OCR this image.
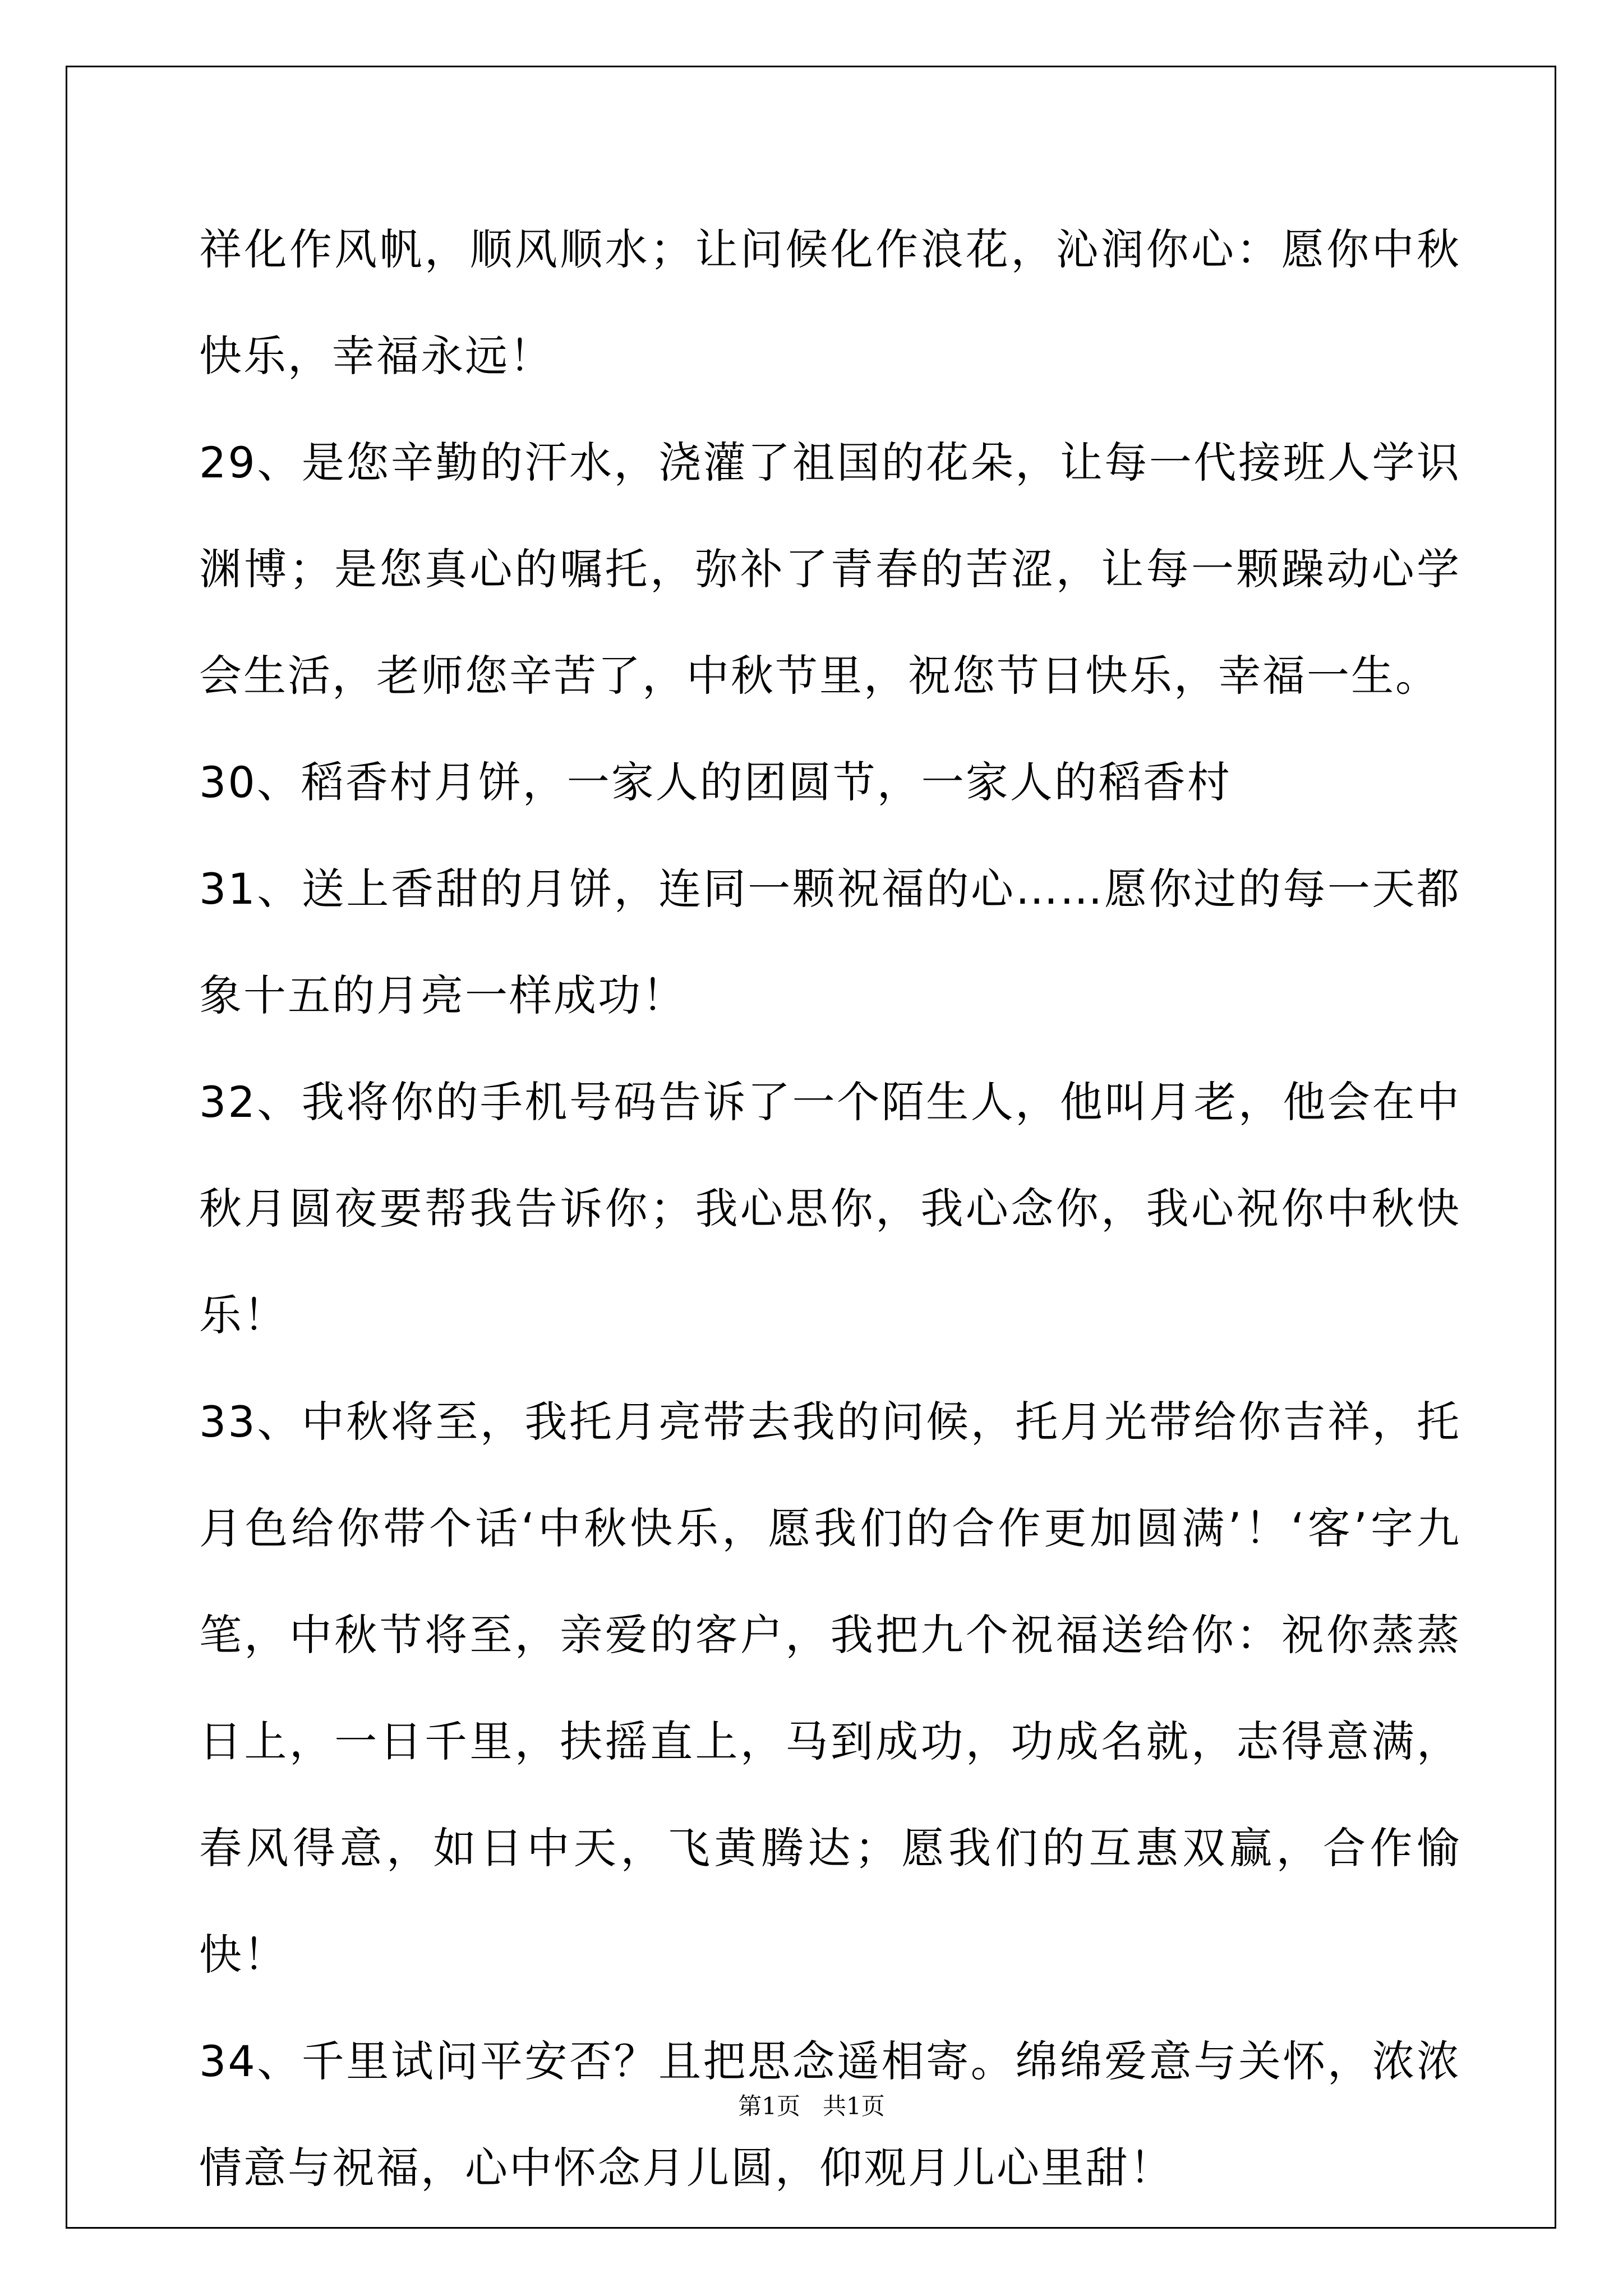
祥化作风帆，顺风顺水；让问候化作浪花，沁润你心：愿你中秋快乐，幸福永远！

29、是您辛勤的汗水，浇灌了祖国的花朵，让每一代接班人学识渊博；是您真心的嘱托，弥补了青春的苦涩，让每一颗躁动心学会生活，老师您辛苦了，中秋节里，祝您节日快乐，幸福一生。

30、稻香村月饼，一家人的团圆节，一家人的稻香村

31、送上香甜的月饼，连同一颗祝福的心……愿你过的每一天都象十五的月亮一样成功！

32、我将你的手机号码告诉了一个陌生人，他叫月老，他会在中秋月圆夜要帮我告诉你；我心思你，我心念你，我心祝你中秋快乐！

33、中秋将至，我托月亮带去我的问候，托月光带给你吉祥，托月色给你带个话‘中秋快乐，愿我们的合作更加圆满’！‘客’字九笔，中秋节将至，亲爱的客户，我把九个祝福送给你：祝你蒸蒸日上，一日千里，扶摇直上，马到成功，功成名就，志得意满，春风得意，如日中天，飞黄腾达；愿我们的互惠双赢，合作愉快！

34、千里试问平安否？且把思念遥相寄。绵绵爱意与关怀，浓浓情意与祝福，心中怀念月儿圆，仰观月儿心里甜！

第1页 共1页
